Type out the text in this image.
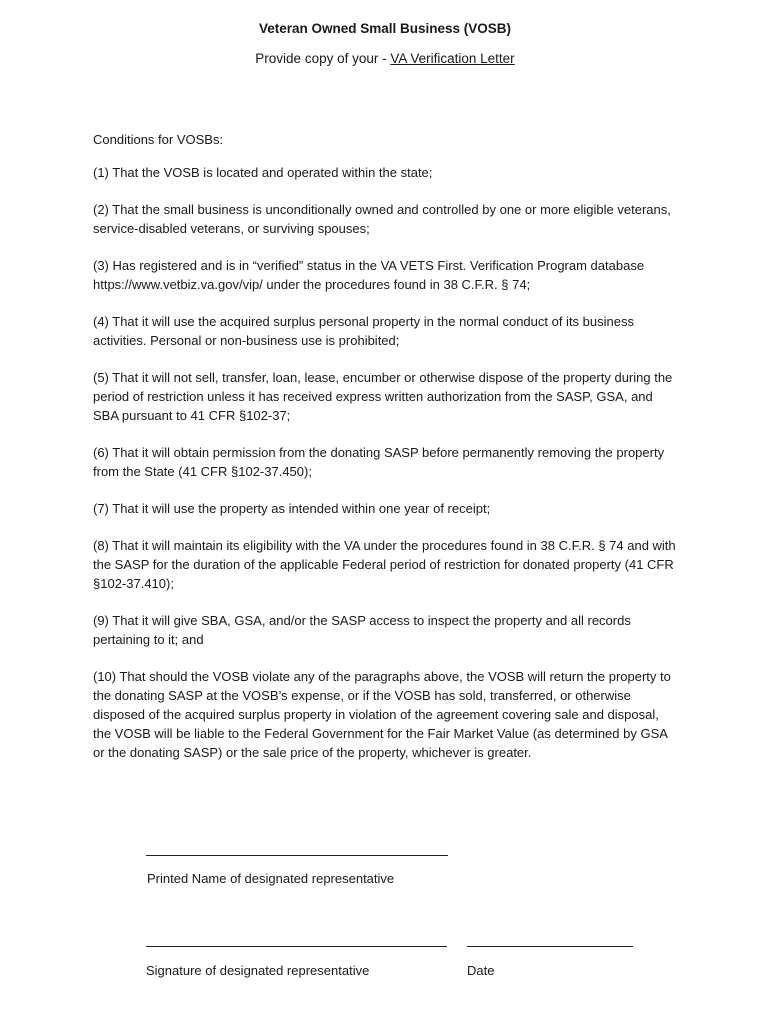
Veteran Owned Small Business (VOSB)
Provide copy of your - VA Verification Letter
Conditions for VOSBs:
(1) That the VOSB is located and operated within the state;
(2) That the small business is unconditionally owned and controlled by one or more eligible veterans, service-disabled veterans, or surviving spouses;
(3) Has registered and is in “verified” status in the VA VETS First. Verification Program database https://www.vetbiz.va.gov/vip/ under the procedures found in 38 C.F.R. § 74;
(4) That it will use the acquired surplus personal property in the normal conduct of its business activities. Personal or non-business use is prohibited;
(5) That it will not sell, transfer, loan, lease, encumber or otherwise dispose of the property during the period of restriction unless it has received express written authorization from the SASP, GSA, and SBA pursuant to 41 CFR §102-37;
(6) That it will obtain permission from the donating SASP before permanently removing the property from the State (41 CFR §102-37.450);
(7) That it will use the property as intended within one year of receipt;
(8) That it will maintain its eligibility with the VA under the procedures found in 38 C.F.R. § 74 and with the SASP for the duration of the applicable Federal period of restriction for donated property (41 CFR §102-37.410);
(9) That it will give SBA, GSA, and/or the SASP access to inspect the property and all records pertaining to it; and
(10) That should the VOSB violate any of the paragraphs above, the VOSB will return the property to the donating SASP at the VOSB’s expense, or if the VOSB has sold, transferred, or otherwise disposed of the acquired surplus property in violation of the agreement covering sale and disposal, the VOSB will be liable to the Federal Government for the Fair Market Value (as determined by GSA or the donating SASP) or the sale price of the property, whichever is greater.
Printed Name of designated representative
Signature of designated representative	Date
